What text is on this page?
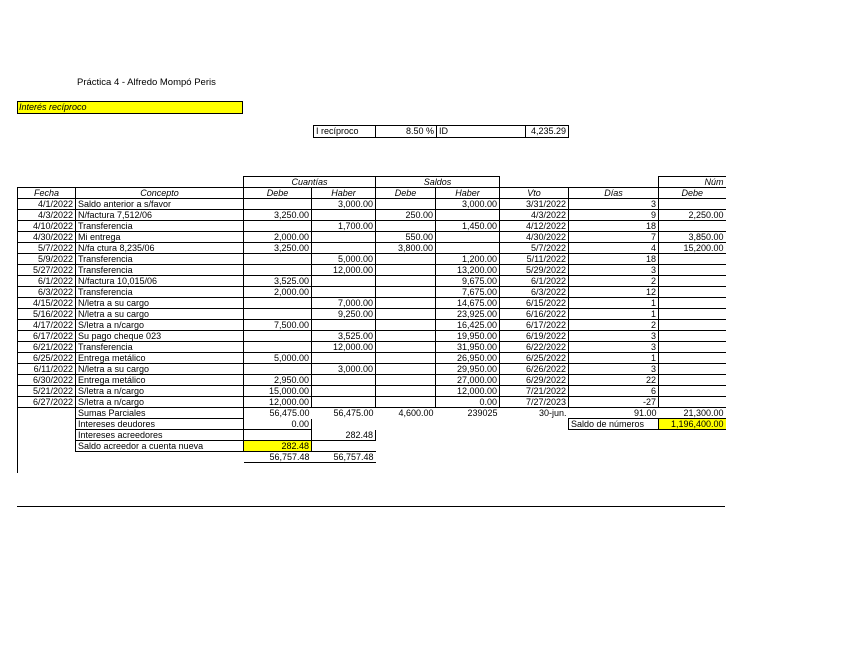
Práctica 4 - Alfredo Mompó Peris
Interés recíproco
I recíproco	8.50 %	ID	4,235.29
		Cuantías		Saldos				Núm
Fecha	Concepto	Debe	Haber	Debe	Haber	Vto	Días	Debe
4/1/2022	Saldo anterior a s/favor		3,000.00		3,000.00	3/31/2022	3	
4/3/2022	N/factura 7,512/06	3,250.00		250.00		4/3/2022	9	2,250.00
4/10/2022	Transferencia		1,700.00		1,450.00	4/12/2022	18	
4/30/2022	Mi entrega	2,000.00		550.00		4/30/2022	7	3,850.00
5/7/2022	N/fa ctura 8,235/06	3,250.00		3,800.00		5/7/2022	4	15,200.00
5/9/2022	Transferencia		5,000.00		1,200.00	5/11/2022	18	
5/27/2022	Transferencia		12,000.00		13,200.00	5/29/2022	3	
6/1/2022	N/factura 10,015/06	3,525.00			9,675.00	6/1/2022	2	
6/3/2022	Transferencia	2,000.00			7,675.00	6/3/2022	12	
4/15/2022	N/letra a su cargo		7,000.00		14,675.00	6/15/2022	1	
5/16/2022	N/letra a su cargo		9,250.00		23,925.00	6/16/2022	1	
4/17/2022	S/letra a n/cargo	7,500.00			16,425.00	6/17/2022	2	
6/17/2022	Su pago cheque 023		3,525.00		19,950.00	6/19/2022	3	
6/21/2022	Transferencia		12,000.00		31,950.00	6/22/2022	3	
6/25/2022	Entrega metálico	5,000.00			26,950.00	6/25/2022	1	
6/11/2022	N/letra a su cargo		3,000.00		29,950.00	6/26/2022	3	
6/30/2022	Entrega metálico	2,950.00			27,000.00	6/29/2022	22	
5/21/2022	S/letra a n/cargo	15,000.00			12,000.00	7/21/2022	6	
6/27/2022	S/letra a n/cargo	12,000.00			0.00	7/27/2023	-27	
	Sumas Parciales	56,475.00	56,475.00	4,600.00	239025	30-jun.	91.00	21,300.00
	Intereses deudores	0.00					Saldo de números	1,196,400.00
	Intereses acreedores		282.48					
	Saldo acreedor a cuenta nueva	282.48						
		56,757.48	56,757.48					
